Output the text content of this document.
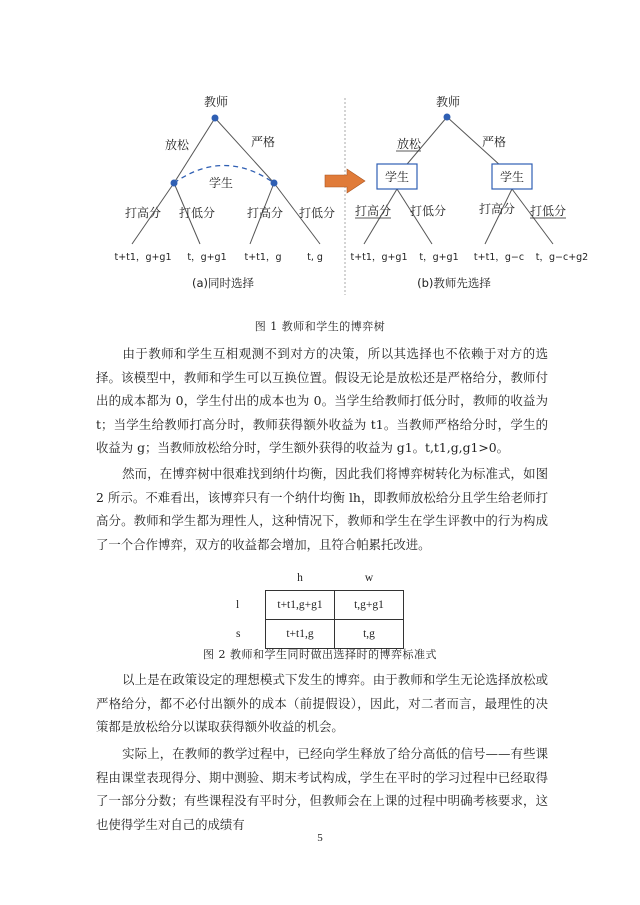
教师
放松	严格
学生
打高分 打低分	打高分 打低分
t+t1，g+g1 t，g+g1 t+t1，g	t, g
(a)同时选择
教师
放松	严格
学生	学生
打高分 打低分	打高分 打低分
t+t1，g+g1 t，g+g1 t+t1，g−c t，g−c+g2
(b)教师先选择
图 1 教师和学生的博弈树
由于教师和学生互相观测不到对方的决策，所以其选择也不依赖于对方的选择。该模型中，教师和学生可以互换位置。假设无论是放松还是严格给分，教师付出的成本都为 0，学生付出的成本也为 0。当学生给教师打低分时，教师的收益为 t；当学生给教师打高分时，教师获得额外收益为 t1。当教师严格给分时，学生的收益为 g；当教师放松给分时，学生额外获得的收益为 g1。t,t1,g,g1>0。
然而，在博弈树中很难找到纳什均衡，因此我们将博弈树转化为标准式，如图 2 所示。不难看出，该博弈只有一个纳什均衡 lh，即教师放松给分且学生给老师打高分。教师和学生都为理性人，这种情况下，教师和学生在学生评教中的行为构成了一个合作博弈，双方的收益都会增加，且符合帕累托改进。
	h	w
l	t+t1,g+g1	t,g+g1
s	t+t1,g	t,g
图 2 教师和学生同时做出选择时的博弈标准式
以上是在政策设定的理想模式下发生的博弈。由于教师和学生无论选择放松或严格给分，都不必付出额外的成本（前提假设），因此，对二者而言，最理性的决策都是放松给分以谋取获得额外收益的机会。
实际上，在教师的教学过程中，已经向学生释放了给分高低的信号——有些课程由课堂表现得分、期中测验、期末考试构成，学生在平时的学习过程中已经取得了一部分分数；有些课程没有平时分，但教师会在上课的过程中明确考核要求，这也使得学生对自己的成绩有
5
